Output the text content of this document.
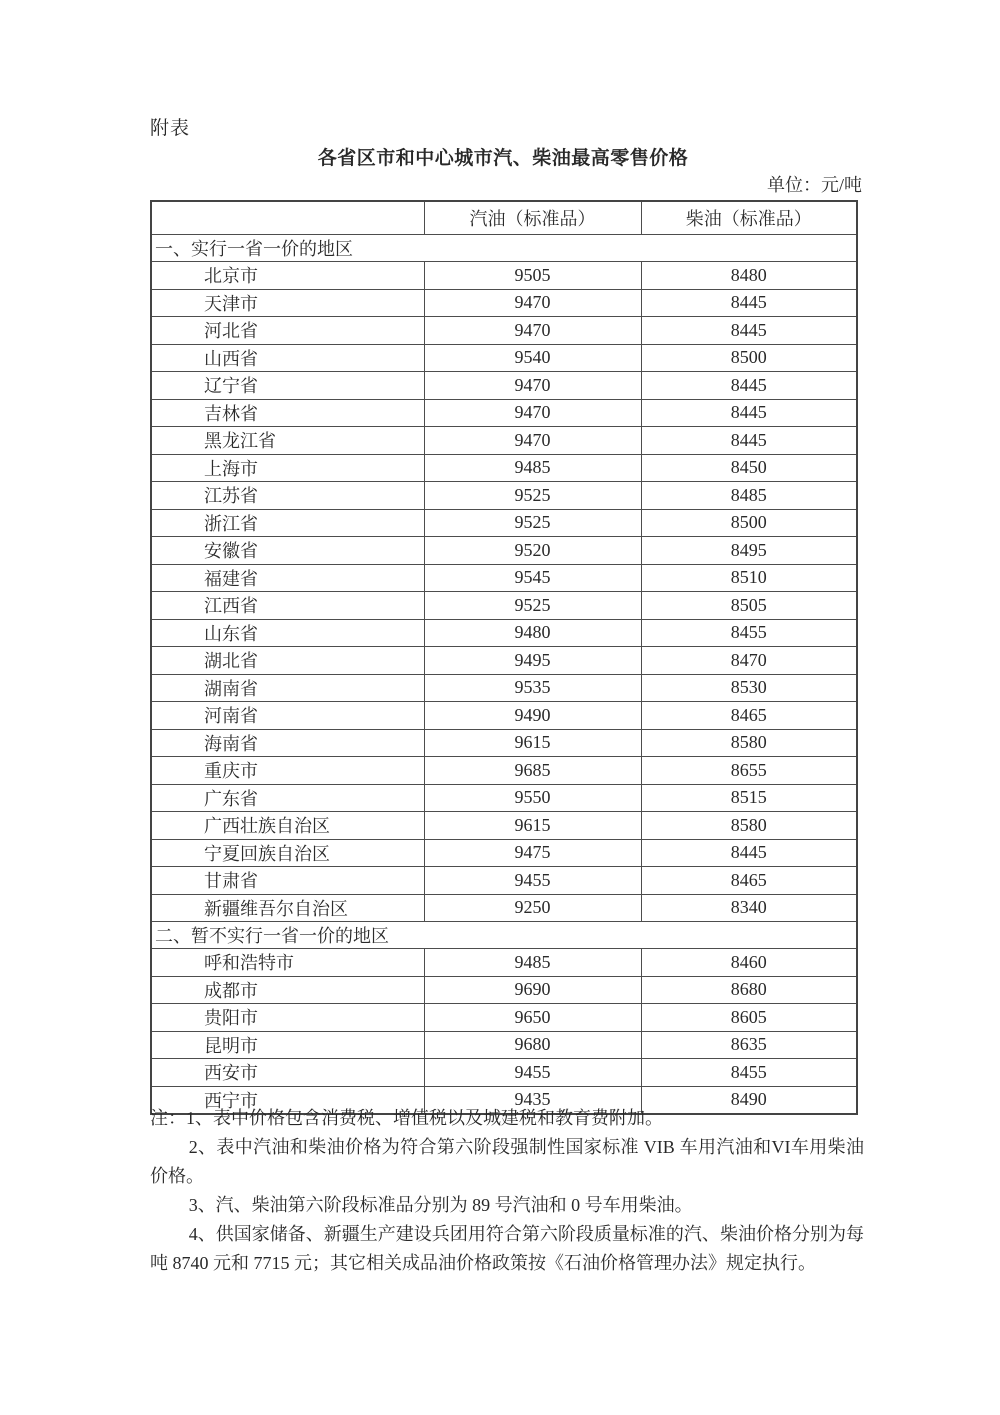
附表
各省区市和中心城市汽、柴油最高零售价格
单位：元/吨
	汽油（标准品）	柴油（标准品）
一、实行一省一价的地区		
北京市	9505	8480
天津市	9470	8445
河北省	9470	8445
山西省	9540	8500
辽宁省	9470	8445
吉林省	9470	8445
黑龙江省	9470	8445
上海市	9485	8450
江苏省	9525	8485
浙江省	9525	8500
安徽省	9520	8495
福建省	9545	8510
江西省	9525	8505
山东省	9480	8455
湖北省	9495	8470
湖南省	9535	8530
河南省	9490	8465
海南省	9615	8580
重庆市	9685	8655
广东省	9550	8515
广西壮族自治区	9615	8580
宁夏回族自治区	9475	8445
甘肃省	9455	8465
新疆维吾尔自治区	9250	8340
二、暂不实行一省一价的地区		
呼和浩特市	9485	8460
成都市	9690	8680
贵阳市	9650	8605
昆明市	9680	8635
西安市	9455	8455
西宁市	9435	8490

注：1、表中价格包含消费税、增值税以及城建税和教育费附加。

2、表中汽油和柴油价格为符合第六阶段强制性国家标准 VIB 车用汽油和VI车用柴油价格。

3、汽、柴油第六阶段标准品分别为 89 号汽油和 0 号车用柴油。

4、供国家储备、新疆生产建设兵团用符合第六阶段质量标准的汽、柴油价格分别为每吨 8740 元和 7715 元；其它相关成品油价格政策按《石油价格管理办法》规定执行。
